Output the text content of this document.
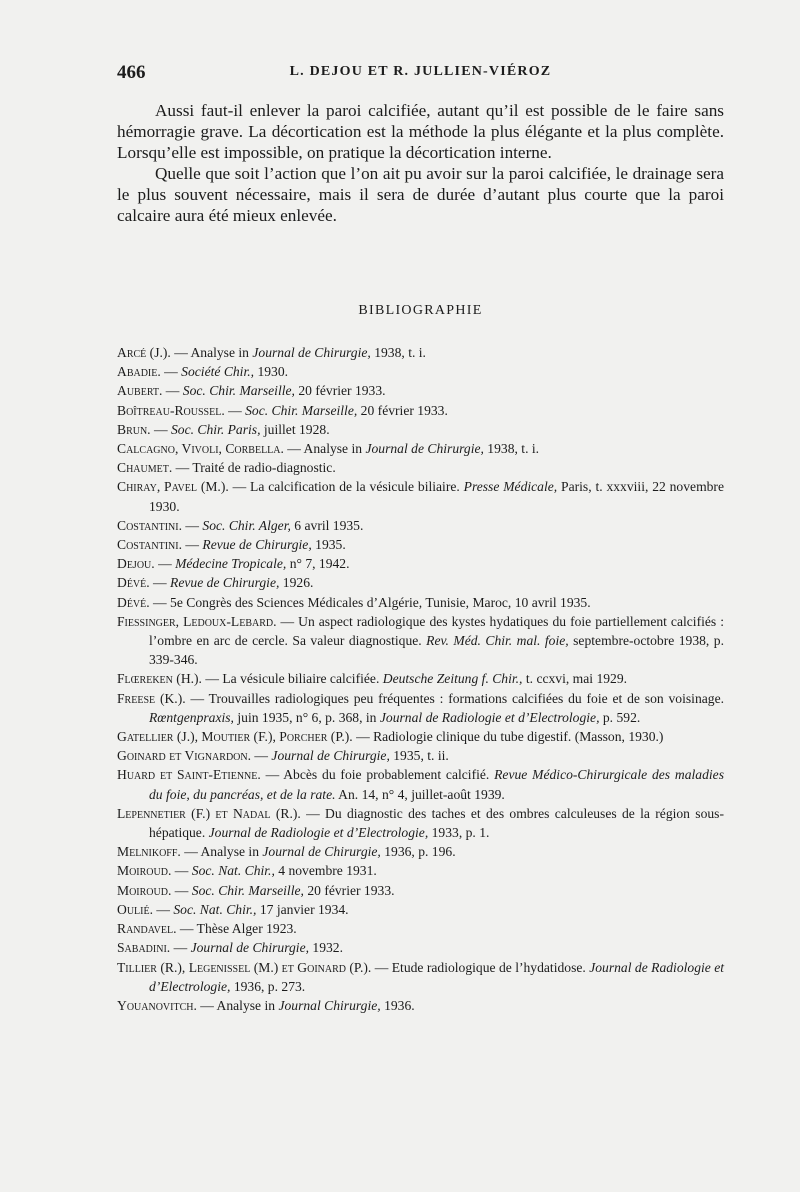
466	L. DEJOU ET R. JULLIEN-VIÉROZ

Aussi faut-il enlever la paroi calcifiée, autant qu’il est possible de le faire sans hémorragie grave. La décortication est la méthode la plus élégante et la plus complète. Lorsqu’elle est impossible, on pratique la décortication interne.

Quelle que soit l’action que l’on ait pu avoir sur la paroi calcifiée, le drainage sera le plus souvent nécessaire, mais il sera de durée d’autant plus courte que la paroi calcaire aura été mieux enlevée.

BIBLIOGRAPHIE
Arcé (J.). — Analyse in Journal de Chirurgie, 1938, t. i.
Abadie. — Société Chir., 1930.
Aubert. — Soc. Chir. Marseille, 20 février 1933.
Boîtreau-Roussel. — Soc. Chir. Marseille, 20 février 1933.
Brun. — Soc. Chir. Paris, juillet 1928.
Calcagno, Vivoli, Corbella. — Analyse in Journal de Chirurgie, 1938, t. i.
Chaumet. — Traité de radio-diagnostic.
Chiray, Pavel (M.). — La calcification de la vésicule biliaire. Presse Médicale, Paris, t. xxxviii, 22 novembre 1930.
Costantini. — Soc. Chir. Alger, 6 avril 1935.
Costantini. — Revue de Chirurgie, 1935.
Dejou. — Médecine Tropicale, n° 7, 1942.
Dévé. — Revue de Chirurgie, 1926.
Dévé. — 5e Congrès des Sciences Médicales d’Algérie, Tunisie, Maroc, 10 avril 1935.
Fiessinger, Ledoux-Lebard. — Un aspect radiologique des kystes hydatiques du foie partiellement calcifiés : l’ombre en arc de cercle. Sa valeur diagnostique. Rev. Méd. Chir. mal. foie, septembre-octobre 1938, p. 339-346.
Flœreken (H.). — La vésicule biliaire calcifiée. Deutsche Zeitung f. Chir., t. ccxvi, mai 1929.
Freese (K.). — Trouvailles radiologiques peu fréquentes : formations calcifiées du foie et de son voisinage. Rœntgenpraxis, juin 1935, n° 6, p. 368, in Journal de Radiologie et d’Electrologie, p. 592.
Gatellier (J.), Moutier (F.), Porcher (P.). — Radiologie clinique du tube digestif. (Masson, 1930.)
Goinard et Vignardon. — Journal de Chirurgie, 1935, t. ii.
Huard et Saint-Etienne. — Abcès du foie probablement calcifié. Revue Médico-Chirurgicale des maladies du foie, du pancréas, et de la rate. An. 14, n° 4, juillet-août 1939.
Lepennetier (F.) et Nadal (R.). — Du diagnostic des taches et des ombres calculeuses de la région sous-hépatique. Journal de Radiologie et d’Electrologie, 1933, p. 1.
Melnikoff. — Analyse in Journal de Chirurgie, 1936, p. 196.
Moiroud. — Soc. Nat. Chir., 4 novembre 1931.
Moiroud. — Soc. Chir. Marseille, 20 février 1933.
Oulié. — Soc. Nat. Chir., 17 janvier 1934.
Randavel. — Thèse Alger 1923.
Sabadini. — Journal de Chirurgie, 1932.
Tillier (R.), Legenissel (M.) et Goinard (P.). — Etude radiologique de l’hydatidose. Journal de Radiologie et d’Electrologie, 1936, p. 273.
Youanovitch. — Analyse in Journal Chirurgie, 1936.
